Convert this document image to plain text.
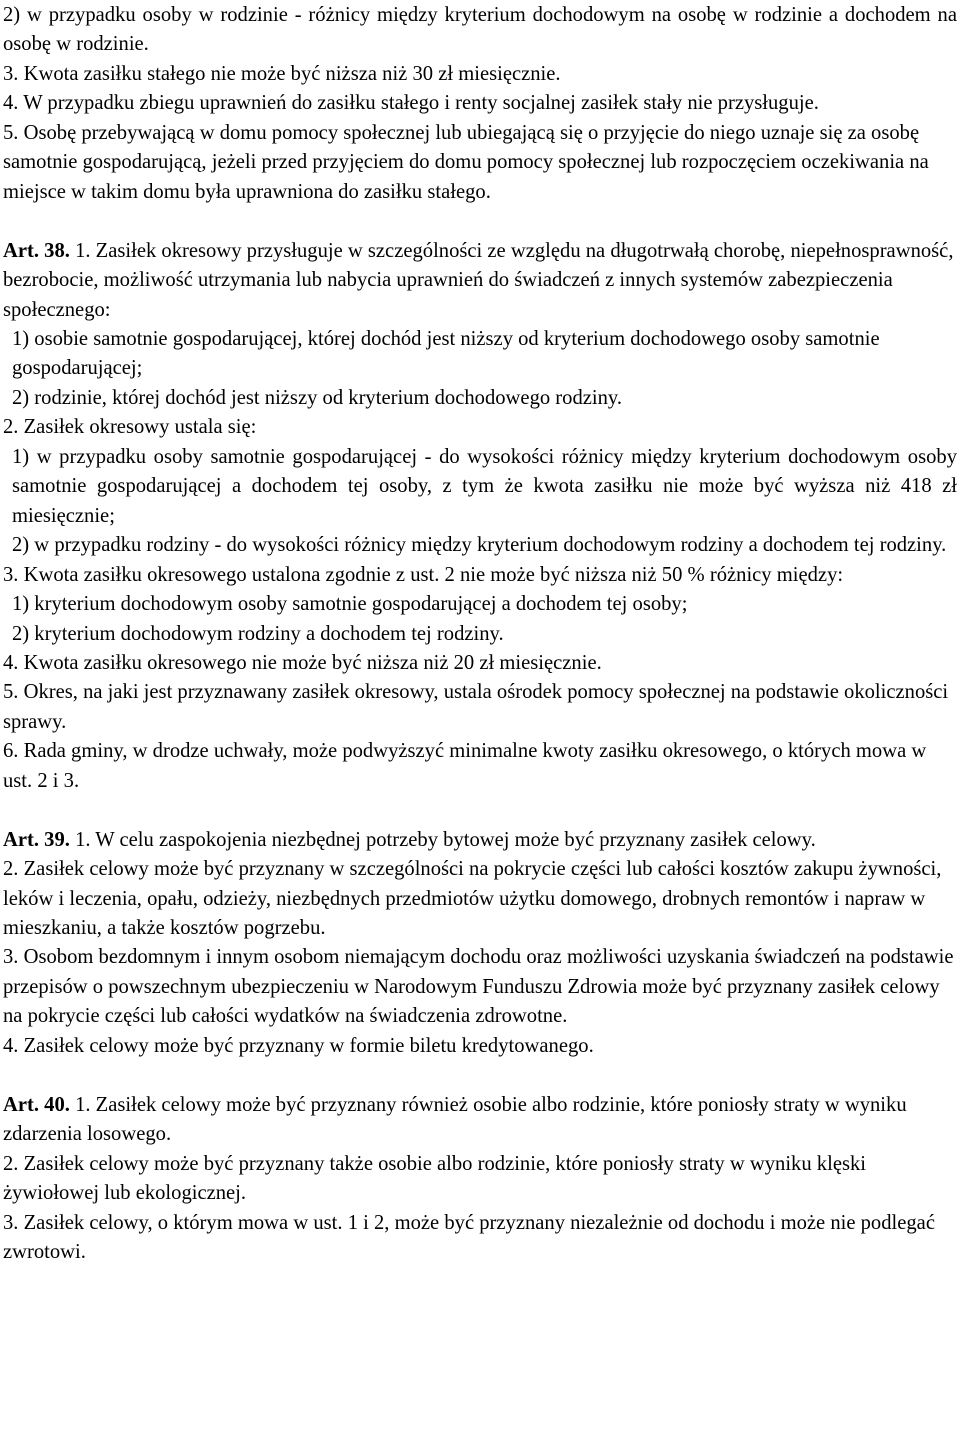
2) w przypadku osoby w rodzinie - różnicy między kryterium dochodowym na osobę w rodzinie a dochodem na osobę w rodzinie.

3. Kwota zasiłku stałego nie może być niższa niż 30 zł miesięcznie.

4. W przypadku zbiegu uprawnień do zasiłku stałego i renty socjalnej zasiłek stały nie przysługuje.

5. Osobę przebywającą w domu pomocy społecznej lub ubiegającą się o przyjęcie do niego uznaje się za osobę samotnie gospodarującą, jeżeli przed przyjęciem do domu pomocy społecznej lub rozpoczęciem oczekiwania na miejsce w takim domu była uprawniona do zasiłku stałego.

Art. 38. 1. Zasiłek okresowy przysługuje w szczególności ze względu na długotrwałą chorobę, niepełnosprawność, bezrobocie, możliwość utrzymania lub nabycia uprawnień do świadczeń z innych systemów zabezpieczenia społecznego:

1) osobie samotnie gospodarującej, której dochód jest niższy od kryterium dochodowego osoby samotnie gospodarującej;

2) rodzinie, której dochód jest niższy od kryterium dochodowego rodziny.

2. Zasiłek okresowy ustala się:

1) w przypadku osoby samotnie gospodarującej - do wysokości różnicy między kryterium dochodowym osoby samotnie gospodarującej a dochodem tej osoby, z tym że kwota zasiłku nie może być wyższa niż 418 zł miesięcznie;

2) w przypadku rodziny - do wysokości różnicy między kryterium dochodowym rodziny a dochodem tej rodziny.

3. Kwota zasiłku okresowego ustalona zgodnie z ust. 2 nie może być niższa niż 50 % różnicy między:

1) kryterium dochodowym osoby samotnie gospodarującej a dochodem tej osoby;

2) kryterium dochodowym rodziny a dochodem tej rodziny.

4. Kwota zasiłku okresowego nie może być niższa niż 20 zł miesięcznie.

5. Okres, na jaki jest przyznawany zasiłek okresowy, ustala ośrodek pomocy społecznej na podstawie okoliczności sprawy.

6. Rada gminy, w drodze uchwały, może podwyższyć minimalne kwoty zasiłku okresowego, o których mowa w ust. 2 i 3.

Art. 39. 1. W celu zaspokojenia niezbędnej potrzeby bytowej może być przyznany zasiłek celowy.

2. Zasiłek celowy może być przyznany w szczególności na pokrycie części lub całości kosztów zakupu żywności, leków i leczenia, opału, odzieży, niezbędnych przedmiotów użytku domowego, drobnych remontów i napraw w mieszkaniu, a także kosztów pogrzebu.

3. Osobom bezdomnym i innym osobom niemającym dochodu oraz możliwości uzyskania świadczeń na podstawie przepisów o powszechnym ubezpieczeniu w Narodowym Funduszu Zdrowia może być przyznany zasiłek celowy na pokrycie części lub całości wydatków na świadczenia zdrowotne.

4. Zasiłek celowy może być przyznany w formie biletu kredytowanego.

Art. 40. 1. Zasiłek celowy może być przyznany również osobie albo rodzinie, które poniosły straty w wyniku zdarzenia losowego.

2. Zasiłek celowy może być przyznany także osobie albo rodzinie, które poniosły straty w wyniku klęski żywiołowej lub ekologicznej.

3. Zasiłek celowy, o którym mowa w ust. 1 i 2, może być przyznany niezależnie od dochodu i może nie podlegać zwrotowi.
